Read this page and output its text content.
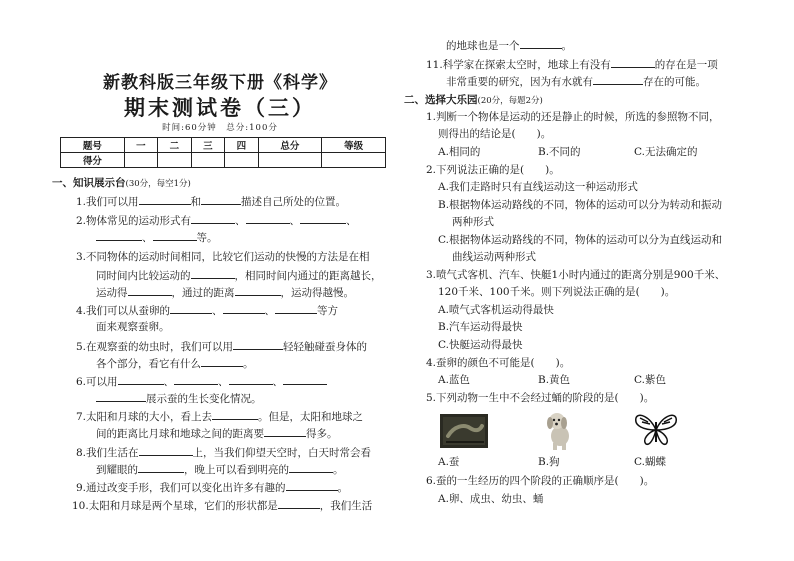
新教科版三年级下册《科学》
期末测试卷（三）
时间:60分钟　总分:100分
题号	一	二	三	四	总分	等级
得分						
一、知识展示台(30分，每空1分)
1.我们可以用	和	描述自己所处的位置。
2.物体常见的运动形式有	、	、	、
、	等。
3.不同物体的运动时间相同，比较它们运动的快慢的方法是在相
同时间内比较运动的	，相同时间内通过的距离越长，
运动得	，通过的距离	，运动得越慢。
4.我们可以从蚕卵的	、	、	等方
面来观察蚕卵。
5.在观察蚕的幼虫时，我们可以用	轻轻触碰蚕身体的
各个部分，看它有什么	。
6.可以用	、	、	、
展示蚕的生长变化情况。
7.太阳和月球的大小，看上去	。但是，太阳和地球之
间的距离比月球和地球之间的距离要	得多。
8.我们生活在	上，当我们仰望天空时，白天时常会看
到耀眼的	，晚上可以看到明亮的	。
9.通过改变手形，我们可以变化出许多有趣的	。
10.太阳和月球是两个星球，它们的形状都是	，我们生活
的地球也是一个	。
11.科学家在探索太空时，地球上有没有	的存在是一项
非常重要的研究，因为有水就有	存在的可能。
二、选择大乐园(20分，每题2分)
1.判断一个物体是运动的还是静止的时候，所选的参照物不同，
则得出的结论是(　　)。
A.相同的	B.不同的	C.无法确定的
2.下列说法正确的是(　　)。
A.我们走路时只有直线运动这一种运动形式
B.根据物体运动路线的不同，物体的运动可以分为转动和振动
两种形式
C.根据物体运动路线的不同，物体的运动可以分为直线运动和
曲线运动两种形式
3.喷气式客机、汽车、快艇1小时内通过的距离分别是900千米、
120千米、100千米。则下列说法正确的是(　　)。
A.喷气式客机运动得最快
B.汽车运动得最快
C.快艇运动得最快
4.蚕卵的颜色不可能是(　　)。
A.蓝色	B.黄色	C.紫色
5.下列动物一生中不会经过蛹的阶段的是(　　)。
A.蚕	B.狗	C.蝴蝶
6.蚕的一生经历的四个阶段的正确顺序是(　　)。
A.卵、成虫、幼虫、蛹
